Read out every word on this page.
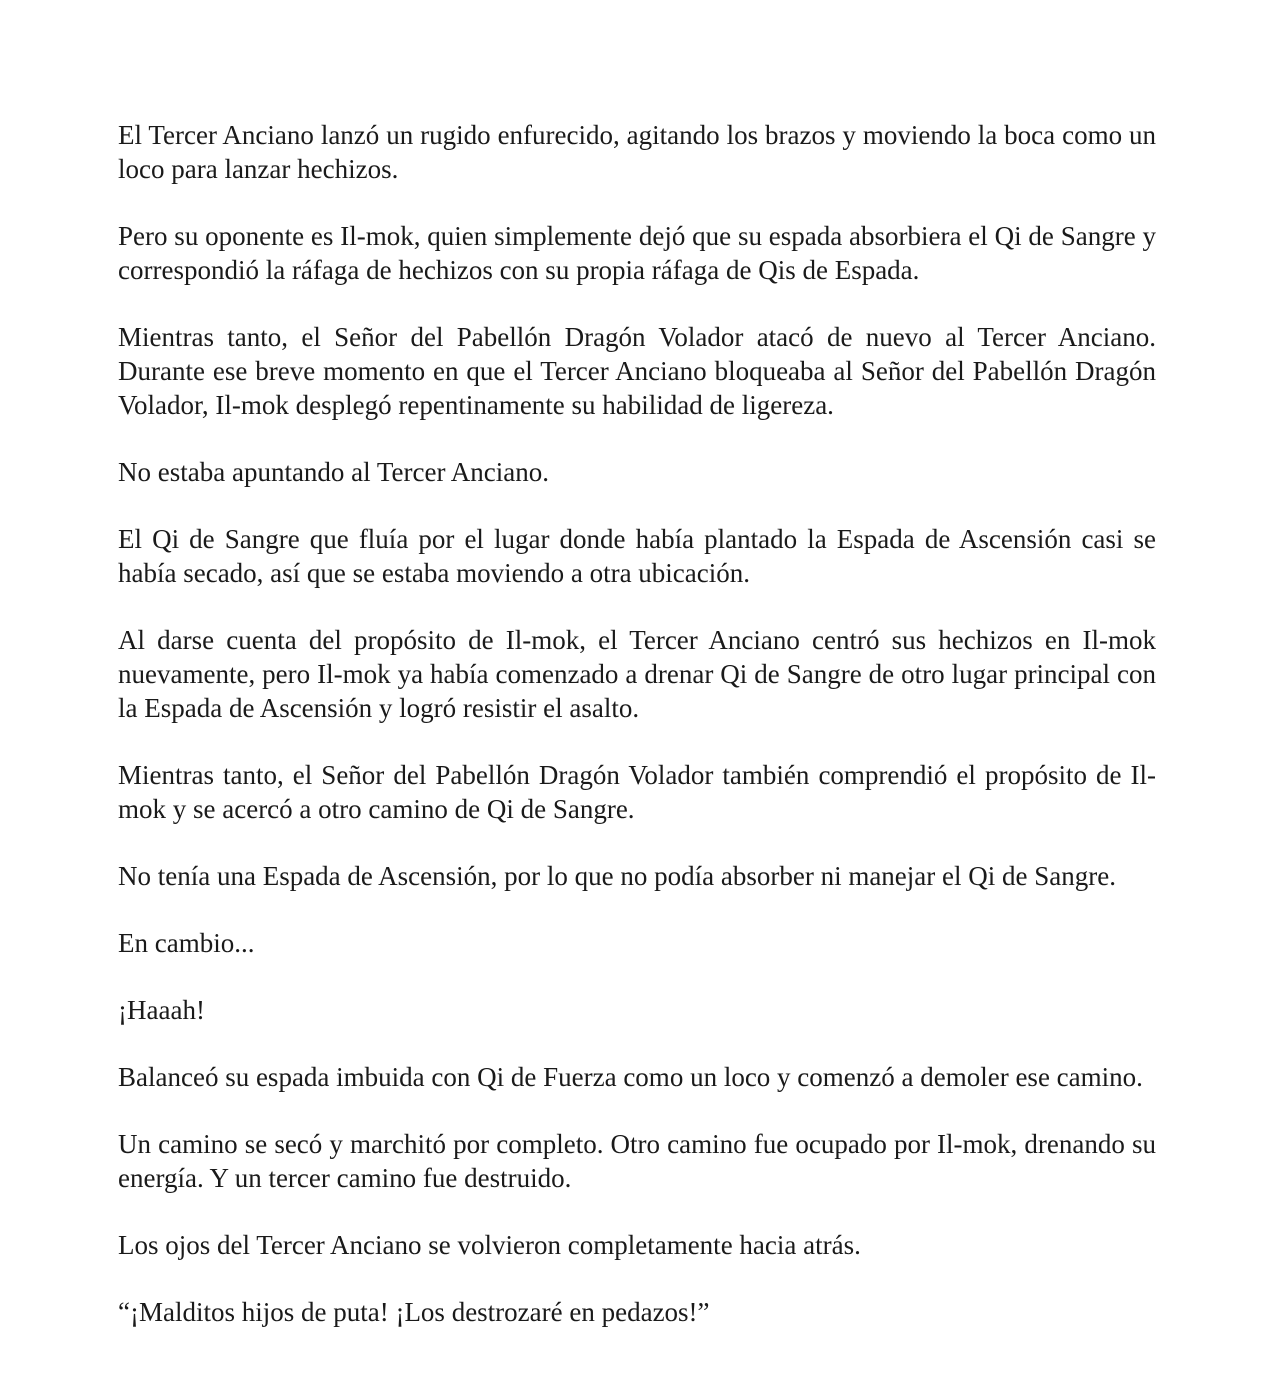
El Tercer Anciano lanzó un rugido enfurecido, agitando los brazos y moviendo la boca como un loco para lanzar hechizos.

Pero su oponente es Il-mok, quien simplemente dejó que su espada absorbiera el Qi de Sangre y correspondió la ráfaga de hechizos con su propia ráfaga de Qis de Espada.

Mientras tanto, el Señor del Pabellón Dragón Volador atacó de nuevo al Tercer Anciano. Durante ese breve momento en que el Tercer Anciano bloqueaba al Señor del Pabellón Dragón Volador, Il-mok desplegó repentinamente su habilidad de ligereza.

No estaba apuntando al Tercer Anciano.

El Qi de Sangre que fluía por el lugar donde había plantado la Espada de Ascensión casi se había secado, así que se estaba moviendo a otra ubicación.

Al darse cuenta del propósito de Il-mok, el Tercer Anciano centró sus hechizos en Il-mok nuevamente, pero Il-mok ya había comenzado a drenar Qi de Sangre de otro lugar principal con la Espada de Ascensión y logró resistir el asalto.

Mientras tanto, el Señor del Pabellón Dragón Volador también comprendió el propósito de Il-mok y se acercó a otro camino de Qi de Sangre.

No tenía una Espada de Ascensión, por lo que no podía absorber ni manejar el Qi de Sangre.

En cambio...

¡Haaah!

Balanceó su espada imbuida con Qi de Fuerza como un loco y comenzó a demoler ese camino.

Un camino se secó y marchitó por completo. Otro camino fue ocupado por Il-mok, drenando su energía. Y un tercer camino fue destruido.

Los ojos del Tercer Anciano se volvieron completamente hacia atrás.

“¡Malditos hijos de puta! ¡Los destrozaré en pedazos!”
